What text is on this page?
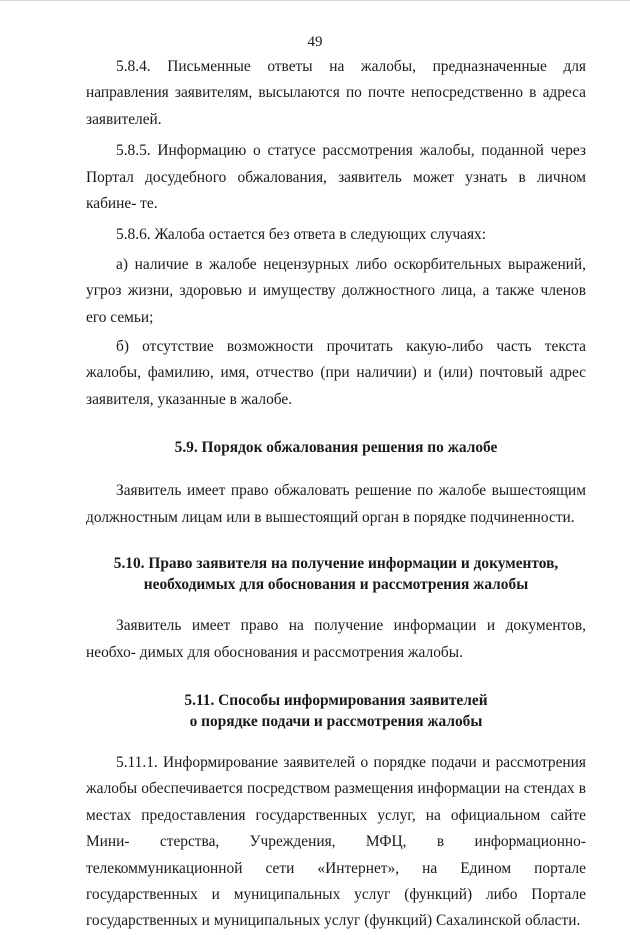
49

5.8.4. Письменные ответы на жалобы, предназначенные для направления заявителям, высылаются по почте непосредственно в адреса заявителей.

5.8.5. Информацию о статусе рассмотрения жалобы, поданной через Портал досудебного обжалования, заявитель может узнать в личном кабине- те.

5.8.6. Жалоба остается без ответа в следующих случаях:

а) наличие в жалобе нецензурных либо оскорбительных выражений, угроз жизни, здоровью и имуществу должностного лица, а также членов его семьи;

б) отсутствие возможности прочитать какую-либо часть текста жалобы, фамилию, имя, отчество (при наличии) и (или) почтовый адрес заявителя, указанные в жалобе.

5.9. Порядок обжалования решения по жалобе

Заявитель имеет право обжаловать решение по жалобе вышестоящим должностным лицам или в вышестоящий орган в порядке подчиненности.

5.10. Право заявителя на получение информации и документов,
необходимых для обоснования и рассмотрения жалобы

Заявитель имеет право на получение информации и документов, необхо- димых для обоснования и рассмотрения жалобы.

5.11. Способы информирования заявителей
о порядке подачи и рассмотрения жалобы

5.11.1. Информирование заявителей о порядке подачи и рассмотрения жалобы обеспечивается посредством размещения информации на стендах в местах предоставления государственных услуг, на официальном сайте Мини- стерства, Учреждения, МФЦ, в информационно-телекоммуникационной сети «Интернет», на Едином портале государственных и муниципальных услуг (функций) либо Портале государственных и муниципальных услуг (функций) Сахалинской области.
